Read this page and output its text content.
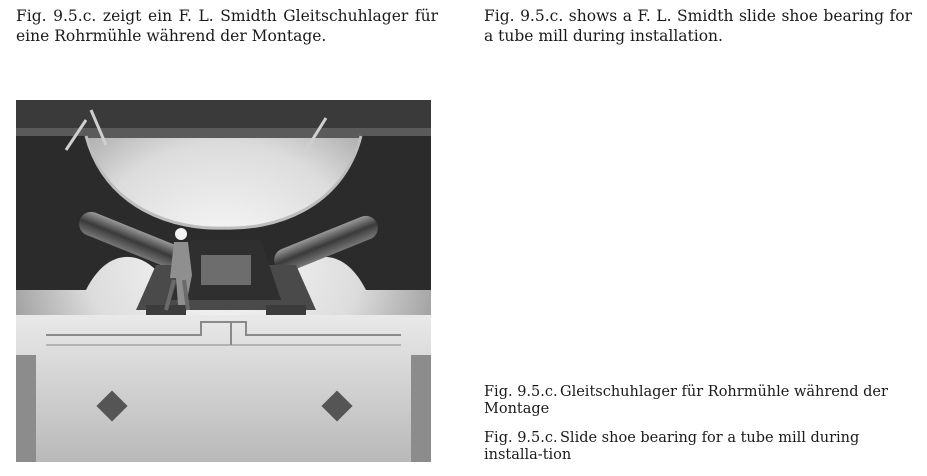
Fig. 9.5.c. zeigt ein F. L. Smidth Gleitschuhlager für eine Rohrmühle während der Montage.
Fig. 9.5.c. shows a F. L. Smidth slide shoe bearing for a tube mill during installation.
Fig. 9.5.c. Gleitschuhlager für Rohrmühle während der Montage
Fig. 9.5.c. Slide shoe bearing for a tube mill during installa-tion
